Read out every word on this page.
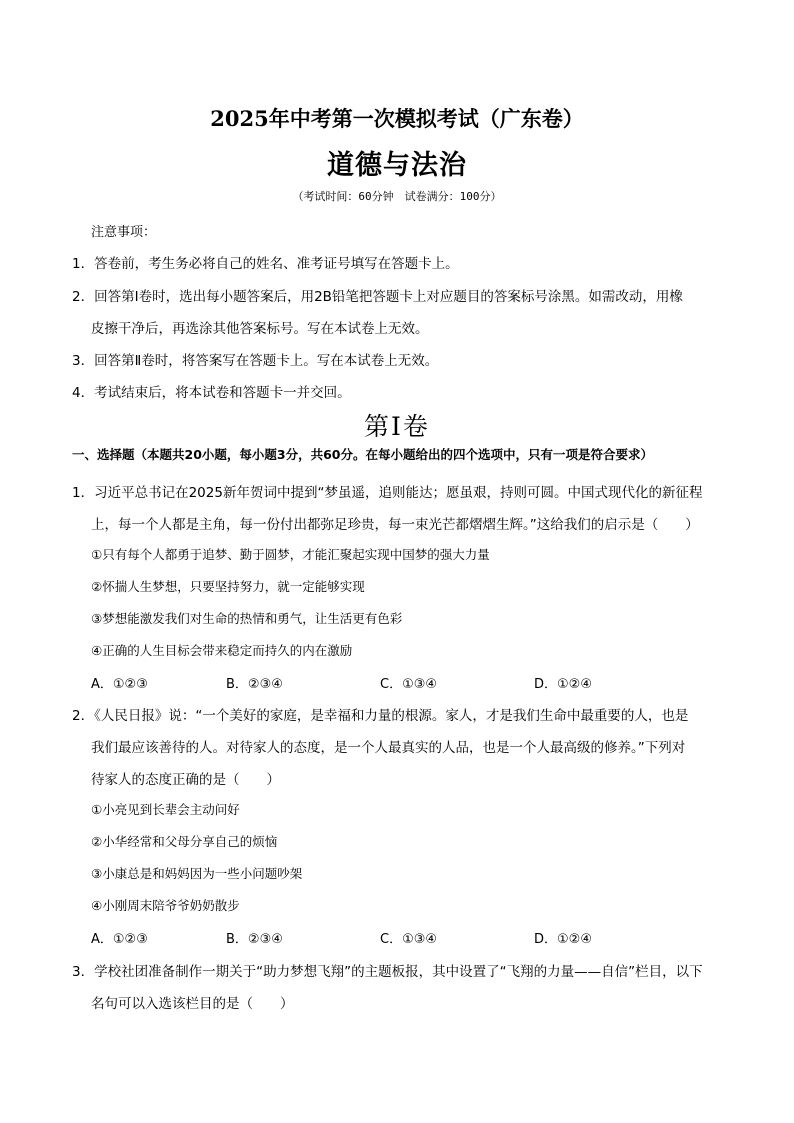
2025年中考第一次模拟考试（广东卷）
道德与法治
（考试时间：60分钟　试卷满分：100分）
注意事项：
1．答卷前，考生务必将自己的姓名、准考证号填写在答题卡上。
2．回答第Ⅰ卷时，选出每小题答案后，用2B铅笔把答题卡上对应题目的答案标号涂黑。如需改动，用橡
皮擦干净后，再选涂其他答案标号。写在本试卷上无效。
3．回答第Ⅱ卷时，将答案写在答题卡上。写在本试卷上无效。
4．考试结束后，将本试卷和答题卡一并交回。
第Ⅰ卷
一、选择题（本题共20小题，每小题3分，共60分。在每小题给出的四个选项中，只有一项是符合要求）
1．习近平总书记在2025新年贺词中提到“梦虽遥，追则能达；愿虽艰，持则可圆。中国式现代化的新征程
上，每一个人都是主角，每一份付出都弥足珍贵，每一束光芒都熠熠生辉。”这给我们的启示是（　　）
①只有每个人都勇于追梦、勤于圆梦，才能汇聚起实现中国梦的强大力量
②怀揣人生梦想，只要坚持努力，就一定能够实现
③梦想能激发我们对生命的热情和勇气，让生活更有色彩
④正确的人生目标会带来稳定而持久的内在激励
A．①②③	B．②③④	C．①③④	D．①②④
2．《人民日报》说：“一个美好的家庭，是幸福和力量的根源。家人，才是我们生命中最重要的人，也是
我们最应该善待的人。对待家人的态度，是一个人最真实的人品，也是一个人最高级的修养。”下列对
待家人的态度正确的是（　　）
①小亮见到长辈会主动问好
②小华经常和父母分享自己的烦恼
③小康总是和妈妈因为一些小问题吵架
④小刚周末陪爷爷奶奶散步
A．①②③	B．②③④	C．①③④	D．①②④
3．学校社团准备制作一期关于“助力梦想飞翔”的主题板报，其中设置了“飞翔的力量——自信”栏目，以下
名句可以入选该栏目的是（　　）
